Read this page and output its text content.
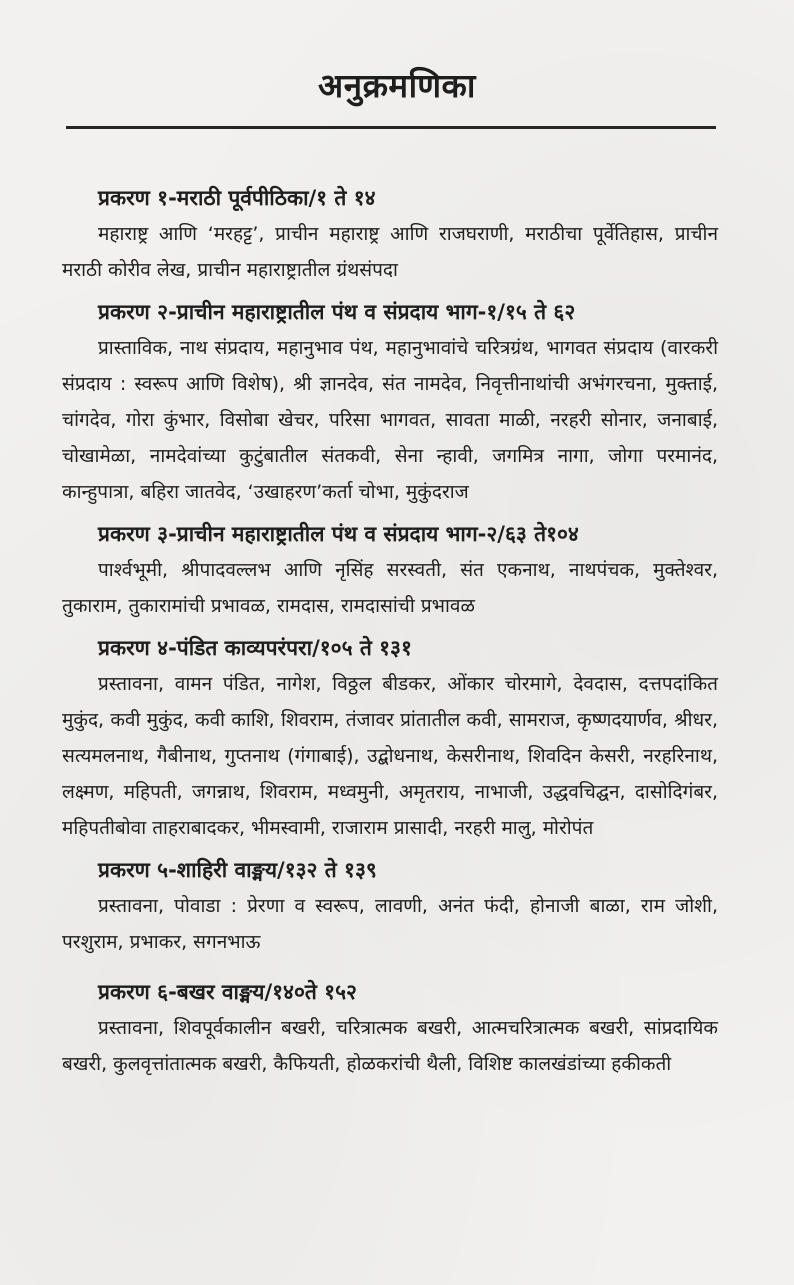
अनुक्रमणिका
प्रकरण १-मराठी पूर्वपीठिका/१ ते १४
महाराष्ट्र आणि ‘मरहट्ट’, प्राचीन महाराष्ट्र आणि राजघराणी, मराठीचा पूर्वेतिहास, प्राचीन मराठी कोरीव लेख, प्राचीन महाराष्ट्रातील ग्रंथसंपदा
प्रकरण २-प्राचीन महाराष्ट्रातील पंथ व संप्रदाय भाग-१/१५ ते ६२
प्रास्ताविक, नाथ संप्रदाय, महानुभाव पंथ, महानुभावांचे चरित्रग्रंथ, भागवत संप्रदाय (वारकरी संप्रदाय : स्वरूप आणि विशेष), श्री ज्ञानदेव, संत नामदेव, निवृत्तीनाथांची अभंगरचना, मुक्ताई, चांगदेव, गोरा कुंभार, विसोबा खेचर, परिसा भागवत, सावता माळी, नरहरी सोनार, जनाबाई, चोखामेळा, नामदेवांच्या कुटुंबातील संतकवी, सेना न्हावी, जगमित्र नागा, जोगा परमानंद, कान्हुपात्रा, बहिरा जातवेद, ‘उखाहरण’कर्ता चोभा, मुकुंदराज
प्रकरण ३-प्राचीन महाराष्ट्रातील पंथ व संप्रदाय भाग-२/६३ ते१०४
पार्श्वभूमी, श्रीपादवल्लभ आणि नृसिंह सरस्वती, संत एकनाथ, नाथपंचक, मुक्तेश्वर, तुकाराम, तुकारामांची प्रभावळ, रामदास, रामदासांची प्रभावळ
प्रकरण ४-पंडित काव्यपरंपरा/१०५ ते १३१
प्रस्तावना, वामन पंडित, नागेश, विठ्ठल बीडकर, ओंकार चोरमागे, देवदास, दत्तपदांकित मुकुंद, कवी मुकुंद, कवी काशि, शिवराम, तंजावर प्रांतातील कवी, सामराज, कृष्णदयार्णव, श्रीधर, सत्यमलनाथ, गैबीनाथ, गुप्तनाथ (गंगाबाई), उद्बोधनाथ, केसरीनाथ, शिवदिन केसरी, नरहरिनाथ, लक्ष्मण, महिपती, जगन्नाथ, शिवराम, मध्वमुनी, अमृतराय, नाभाजी, उद्धवचिद्घन, दासोदिगंबर, महिपतीबोवा ताहराबादकर, भीमस्वामी, राजाराम प्रासादी, नरहरी मालु, मोरोपंत
प्रकरण ५-शाहिरी वाङ्मय/१३२ ते १३९
प्रस्तावना, पोवाडा : प्रेरणा व स्वरूप, लावणी, अनंत फंदी, होनाजी बाळा, राम जोशी, परशुराम, प्रभाकर, सगनभाऊ
प्रकरण ६-बखर वाङ्मय/१४०ते १५२
प्रस्तावना, शिवपूर्वकालीन बखरी, चरित्रात्मक बखरी, आत्मचरित्रात्मक बखरी, सांप्रदायिक बखरी, कुलवृत्तांतात्मक बखरी, कैफियती, होळकरांची थैली, विशिष्ट कालखंडांच्या हकीकती
